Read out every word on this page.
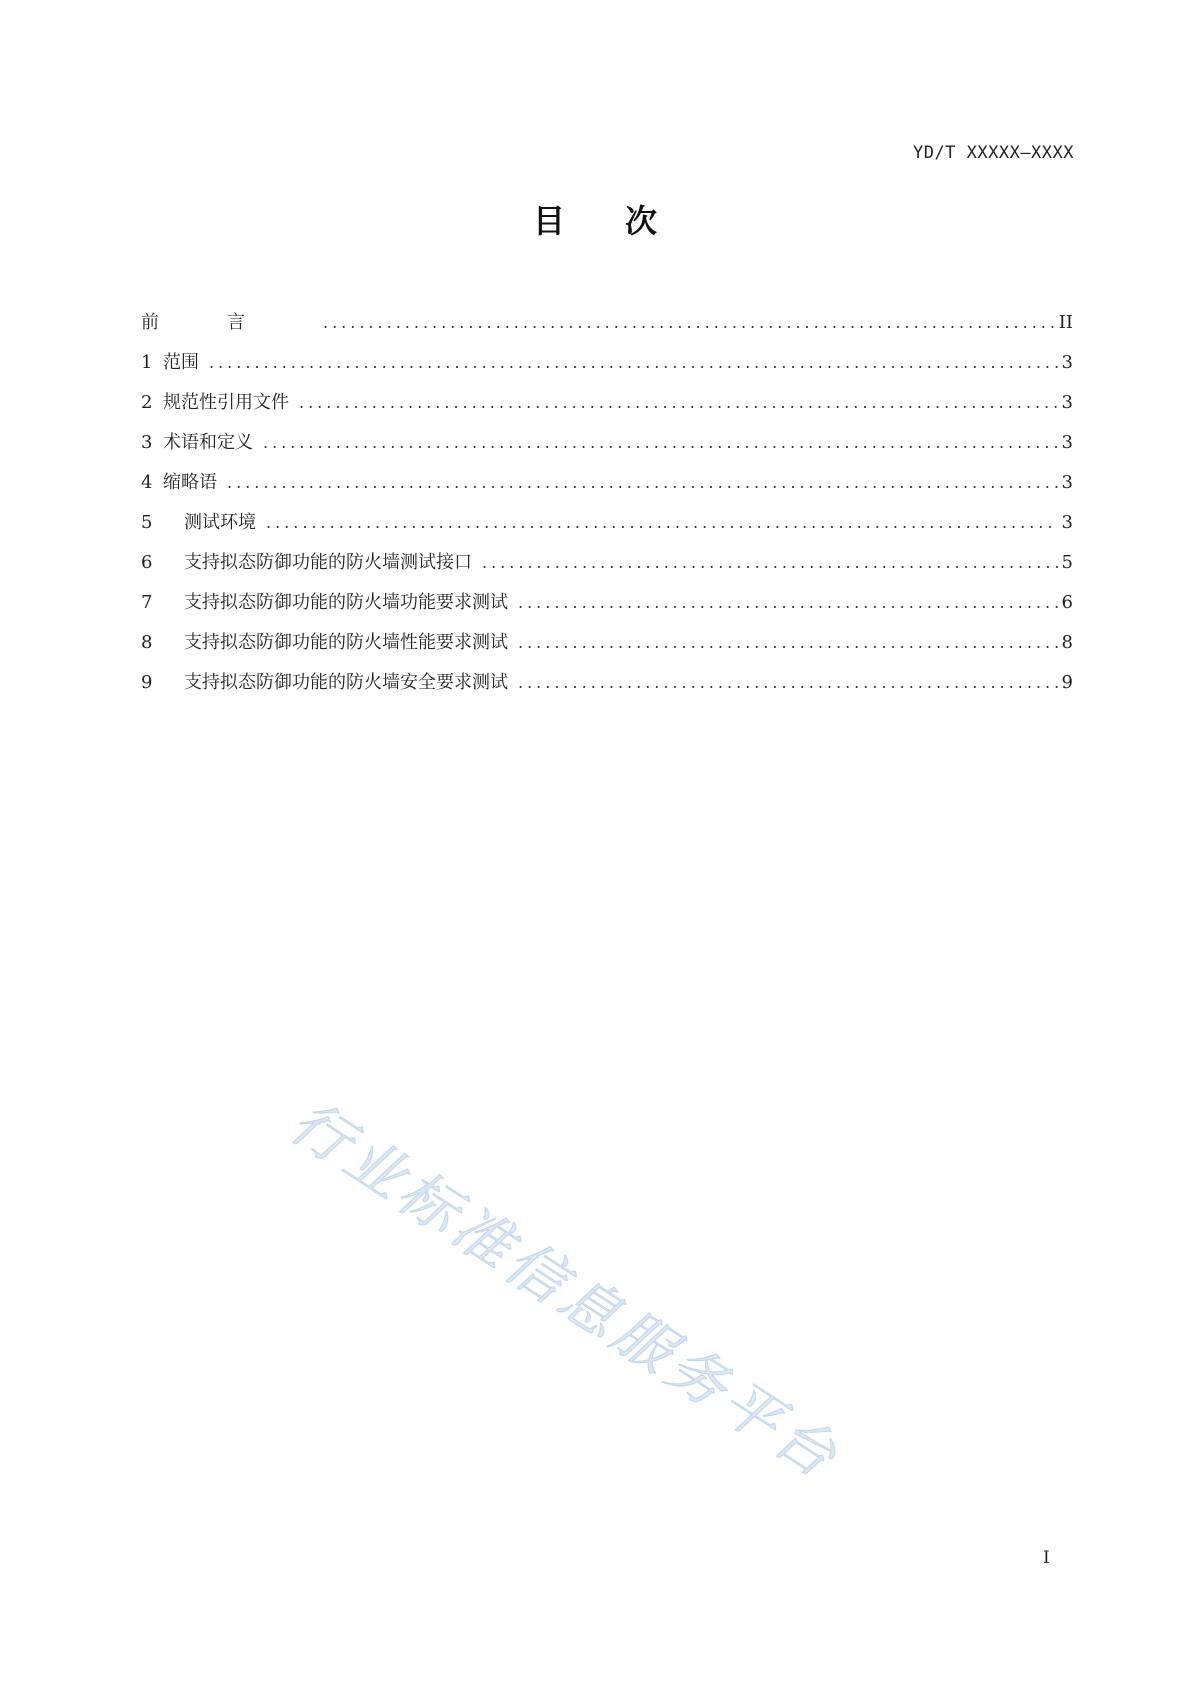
YD/T XXXXX—XXXX
目次
前言 .....	II
1 范围 .....	3
2 规范性引用文件 .....	3
3 术语和定义 .....	3
4 缩略语 .....	3
5	测试环境 .....	3
6	支持拟态防御功能的防火墙测试接口 .....	5
7	支持拟态防御功能的防火墙功能要求测试 .....	6
8	支持拟态防御功能的防火墙性能要求测试 .....	8
9	支持拟态防御功能的防火墙安全要求测试 .....	9
行业标准信息服务平台
I
